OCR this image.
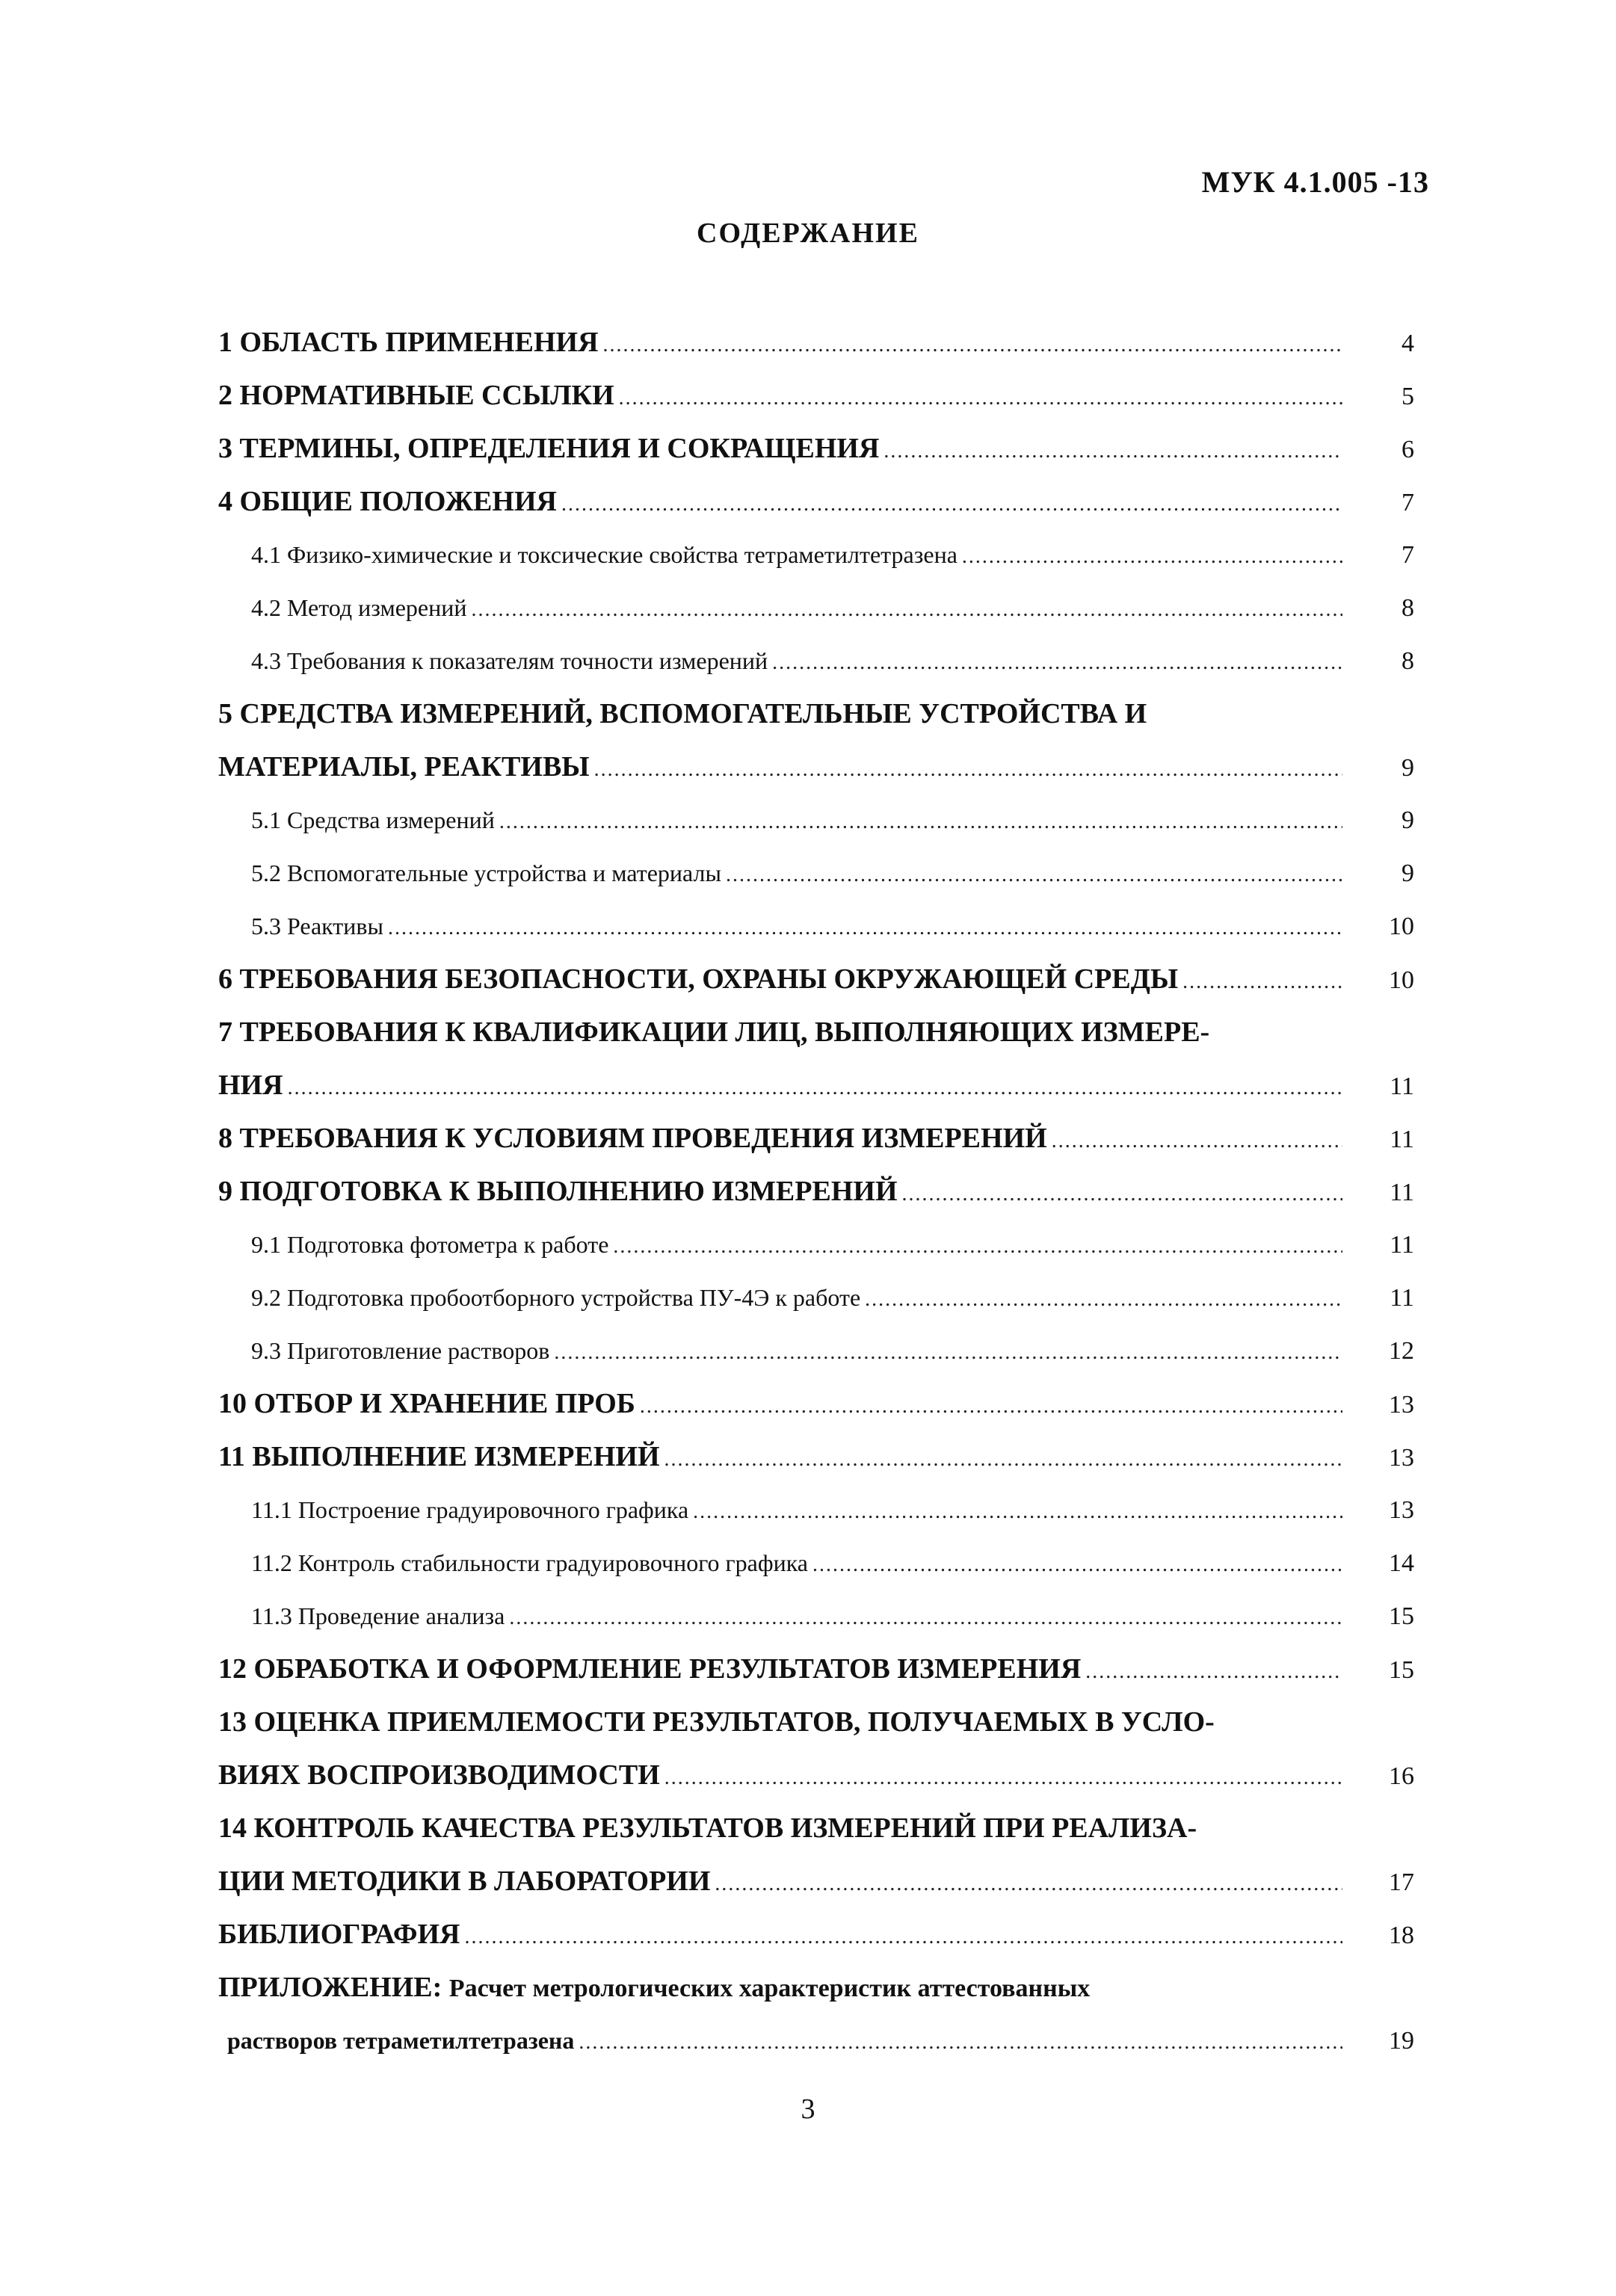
МУК 4.1.005 -13
СОДЕРЖАНИЕ
1 ОБЛАСТЬ ПРИМЕНЕНИЯ .....	4
2 НОРМАТИВНЫЕ ССЫЛКИ .....	5
3 ТЕРМИНЫ, ОПРЕДЕЛЕНИЯ И СОКРАЩЕНИЯ .....	6
4 ОБЩИЕ ПОЛОЖЕНИЯ .....	7
4.1 Физико-химические и токсические свойства тетраметилтетразена .....	7
4.2 Метод измерений .....	8
4.3 Требования к показателям точности измерений .....	8
5 СРЕДСТВА ИЗМЕРЕНИЙ, ВСПОМОГАТЕЛЬНЫЕ УСТРОЙСТВА И
МАТЕРИАЛЫ, РЕАКТИВЫ .....	9
5.1 Средства измерений .....	9
5.2 Вспомогательные устройства и материалы .....	9
5.3 Реактивы .....	10
6 ТРЕБОВАНИЯ БЕЗОПАСНОСТИ, ОХРАНЫ ОКРУЖАЮЩЕЙ СРЕДЫ .....	10
7 ТРЕБОВАНИЯ К КВАЛИФИКАЦИИ ЛИЦ, ВЫПОЛНЯЮЩИХ ИЗМЕРЕ-
НИЯ .....	11
8 ТРЕБОВАНИЯ К УСЛОВИЯМ ПРОВЕДЕНИЯ ИЗМЕРЕНИЙ .....	11
9 ПОДГОТОВКА К ВЫПОЛНЕНИЮ ИЗМЕРЕНИЙ .....	11
9.1 Подготовка фотометра к работе .....	11
9.2 Подготовка пробоотборного устройства ПУ-4Э к работе .....	11
9.3 Приготовление растворов .....	12
10 ОТБОР И ХРАНЕНИЕ ПРОБ .....	13
11 ВЫПОЛНЕНИЕ ИЗМЕРЕНИЙ .....	13
11.1 Построение градуировочного графика .....	13
11.2 Контроль стабильности градуировочного графика .....	14
11.3 Проведение анализа .....	15
12 ОБРАБОТКА И ОФОРМЛЕНИЕ РЕЗУЛЬТАТОВ ИЗМЕРЕНИЯ .....	15
13 ОЦЕНКА ПРИЕМЛЕМОСТИ РЕЗУЛЬТАТОВ, ПОЛУЧАЕМЫХ В УСЛО-
ВИЯХ ВОСПРОИЗВОДИМОСТИ .....	16
14 КОНТРОЛЬ КАЧЕСТВА РЕЗУЛЬТАТОВ ИЗМЕРЕНИЙ ПРИ РЕАЛИЗА-
ЦИИ МЕТОДИКИ В ЛАБОРАТОРИИ .....	17
БИБЛИОГРАФИЯ .....	18
ПРИЛОЖЕНИЕ: Расчет метрологических характеристик аттестованных
растворов тетраметилтетразена .....	19
3
